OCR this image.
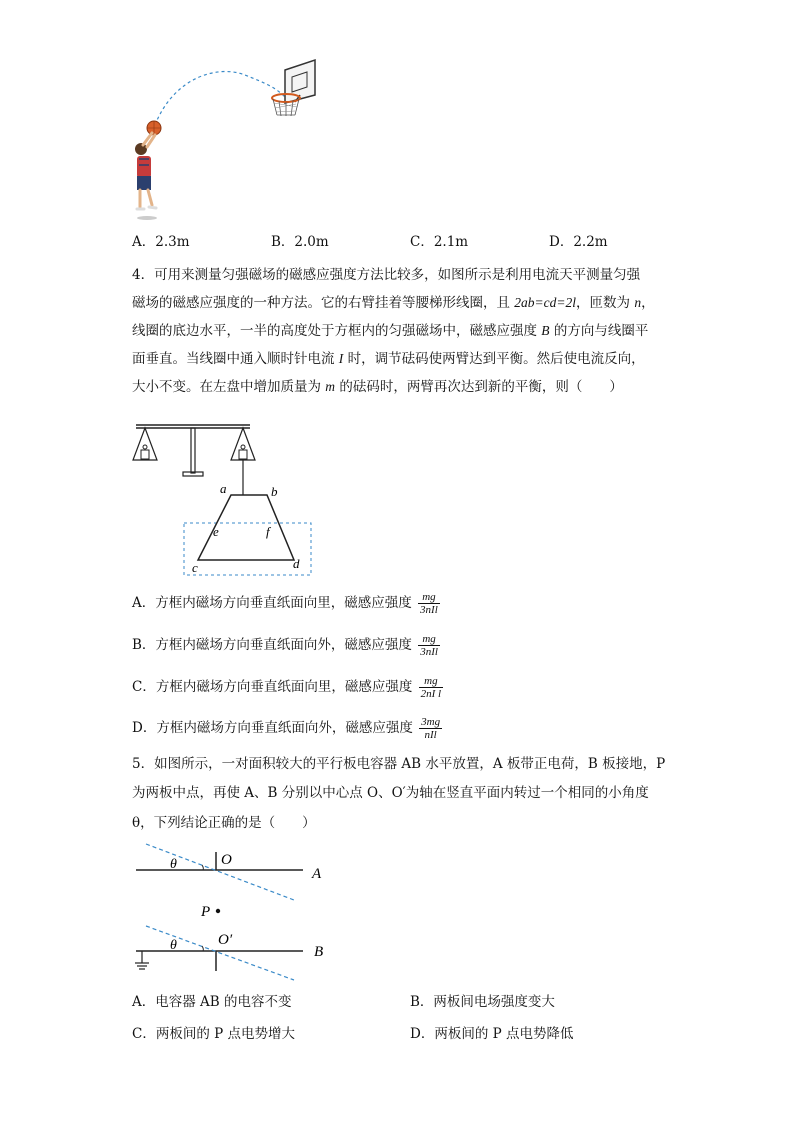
A．2.3m	B．2.0m	C．2.1m	D．2.2m
4．可用来测量匀强磁场的磁感应强度方法比较多，如图所示是利用电流天平测量匀强
磁场的磁感应强度的一种方法。它的右臂挂着等腰梯形线圈，且 2ab=cd=2l，匝数为 n，
线圈的底边水平，一半的高度处于方框内的匀强磁场中，磁感应强度 B 的方向与线圈平
面垂直。当线圈中通入顺时针电流 I 时，调节砝码使两臂达到平衡。然后使电流反向，
大小不变。在左盘中增加质量为 m 的砝码时，两臂再次达到新的平衡，则（　　）
a	b
e	f
c	d
A．方框内磁场方向垂直纸面向里，磁感应强度 $\frac{mg}{\text{3nIl}}$
B．方框内磁场方向垂直纸面向外，磁感应强度 $\frac{mg}{\text{3nIl}}$
C．方框内磁场方向垂直纸面向里，磁感应强度 $\frac{mg}{\text{2nI l}}$
D．方框内磁场方向垂直纸面向外，磁感应强度 $\frac{3mg}{\text{nIl}}$
5．如图所示，一对面积较大的平行板电容器 AB 水平放置，A 板带正电荷，B 板接地，P
为两板中点，再使 A、B 分别以中心点 O、O′为轴在竖直平面内转过一个相同的小角度
θ，下列结论正确的是（　　）
θ	O
A
P
θ	O′
B
A．电容器 AB 的电容不变	B．两板间电场强度变大
C．两板间的 P 点电势增大	D．两板间的 P 点电势降低
